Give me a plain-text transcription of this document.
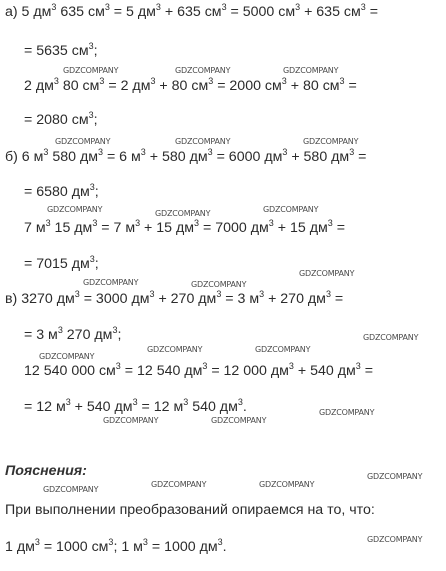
а) 5 $дм^3$ 635 $см^3 = 5$ $дм^3 + 635$ $см^3 = 5000$ $см^3 + 635$ $см^3$ =
= 5635 $см^3$;
2 $дм^3$ 80 $см^3 = 2$ $дм^3 + 80$ $см^3 = 2000$ $см^3 + 80$ $см^3$ =
= 2080 $см^3$;
б) 6 $м^3$ 580 $дм^3 = 6$ $м^3 + 580$ $дм^3 = 6000$ $дм^3 + 580$ $дм^3$ =
= 6580 $дм^3$;
7 $м^3$ 15 $дм^3 = 7$ $м^3 + 15$ $дм^3 = 7000$ $дм^3 + 15$ $дм^3$ =
= 7015 $дм^3$;
в) 3270 $дм^3 = 3000$ $дм^3 + 270$ $дм^3 = 3$ $м^3 + 270$ $дм^3$ =
= 3 $м^3$ 270 $дм^3$;
12 540 000 $см^3 = 12$ 540 $дм^3 = 12$ 000 $дм^3 + 540$ $дм^3$ =
= 12 $м^3 + 540$ $дм^3 = 12$ $м^3$ 540 $дм^3$.
Пояснения:
При выполнении преобразований опираемся на то, что:
1 $дм^3 = 1000$ $см^3$; 1 $м^3 = 1000$ $дм^3$.
GDZCOMPANY	GDZCOMPANY	GDZCOMPANY
GDZCOMPANY	GDZCOMPANY	GDZCOMPANY
GDZCOMPANY	GDZCOMPANY	GDZCOMPANY
GDZCOMPANY
GDZCOMPANY	GDZCOMPANY
GDZCOMPANY
GDZCOMPANY	GDZCOMPANY
GDZCOMPANY
GDZCOMPANY
GDZCOMPANY	GDZCOMPANY
GDZCOMPANY
GDZCOMPANY	GDZCOMPANY
GDZCOMPANY
GDZCOMPANY
